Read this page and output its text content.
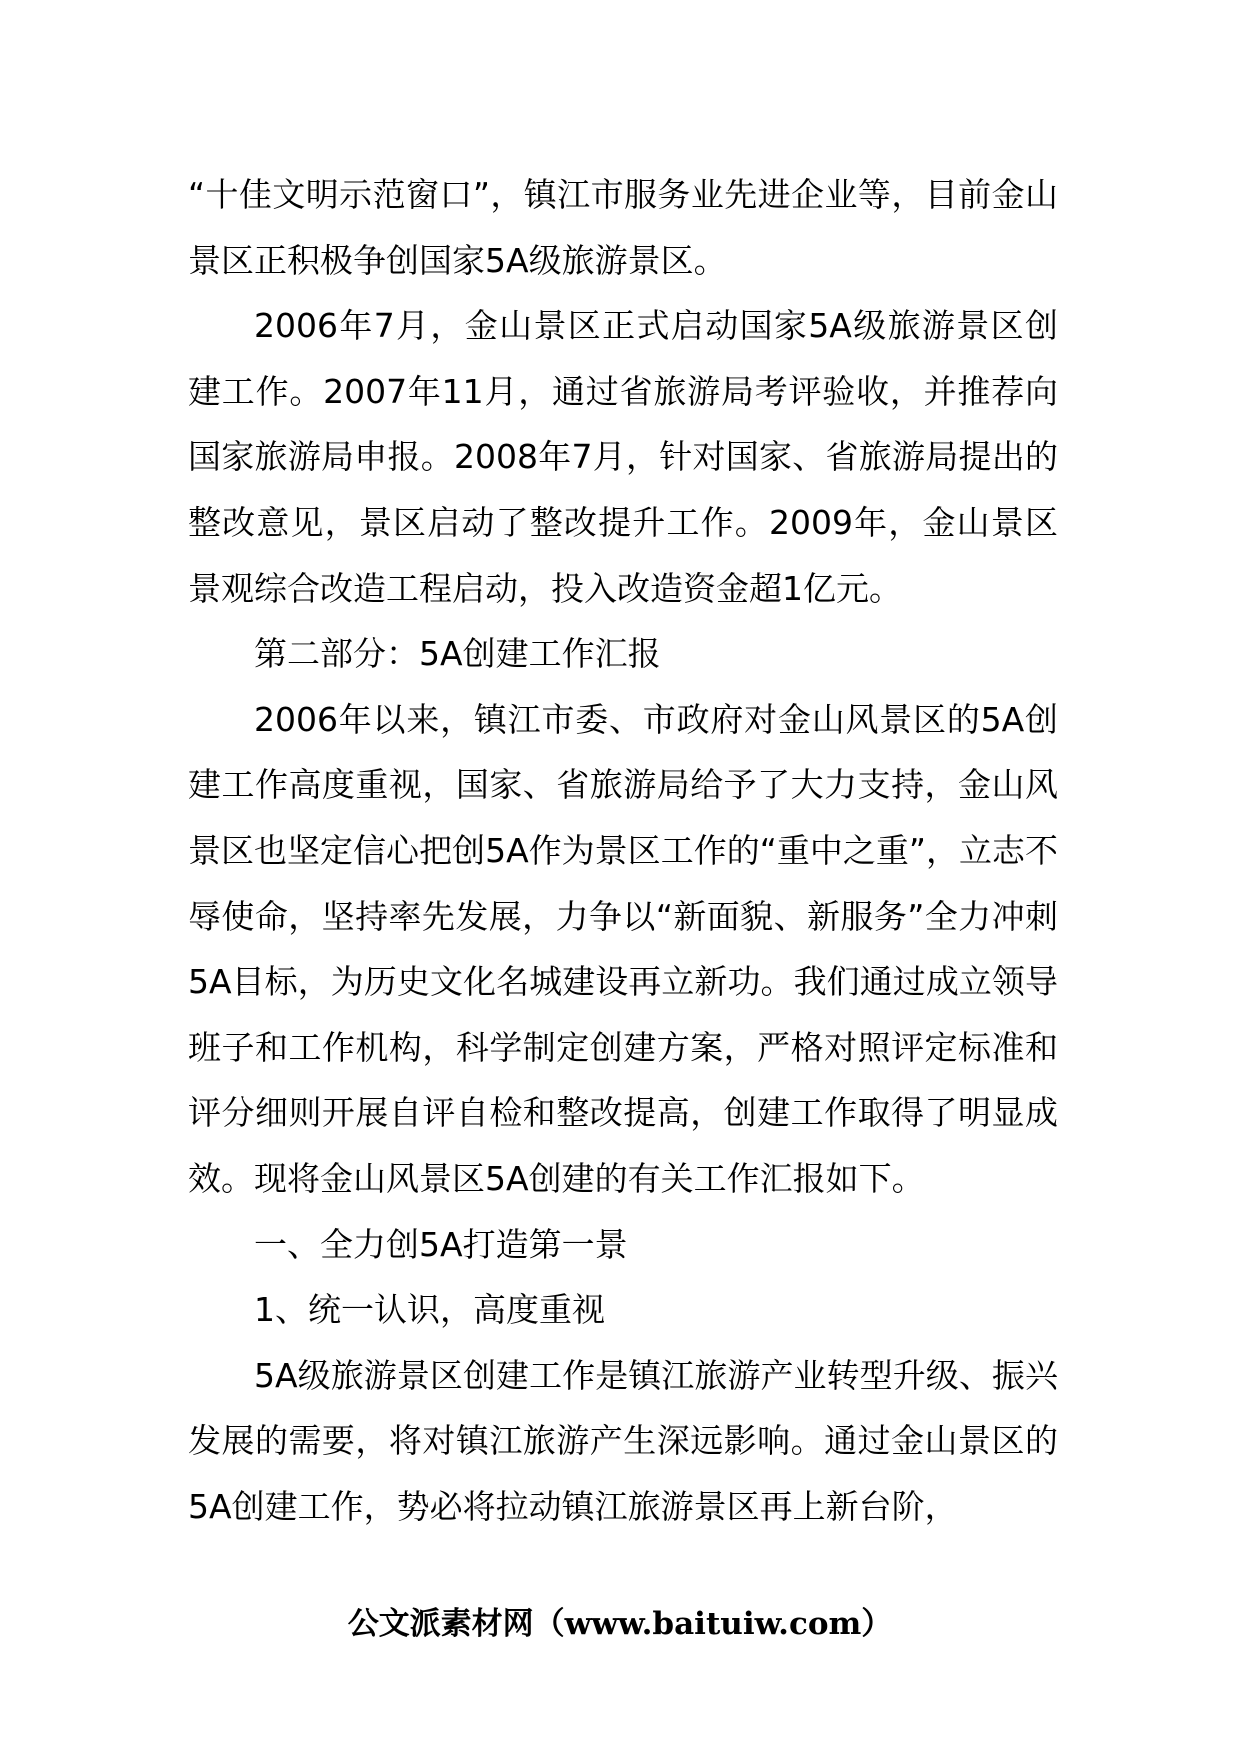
“十佳文明示范窗口”，镇江市服务业先进企业等，目前金山景区正积极争创国家5A级旅游景区。

2006年7月，金山景区正式启动国家5A级旅游景区创建工作。2007年11月，通过省旅游局考评验收，并推荐向国家旅游局申报。2008年7月，针对国家、省旅游局提出的整改意见，景区启动了整改提升工作。2009年，金山景区景观综合改造工程启动，投入改造资金超1亿元。

第二部分：5A创建工作汇报

2006年以来，镇江市委、市政府对金山风景区的5A创建工作高度重视，国家、省旅游局给予了大力支持，金山风景区也坚定信心把创5A作为景区工作的“重中之重”，立志不辱使命，坚持率先发展，力争以“新面貌、新服务”全力冲刺5A目标，为历史文化名城建设再立新功。我们通过成立领导班子和工作机构，科学制定创建方案，严格对照评定标准和评分细则开展自评自检和整改提高，创建工作取得了明显成效。现将金山风景区5A创建的有关工作汇报如下。

一、全力创5A打造第一景

1、统一认识，高度重视

5A级旅游景区创建工作是镇江旅游产业转型升级、振兴发展的需要，将对镇江旅游产生深远影响。通过金山景区的5A创建工作，势必将拉动镇江旅游景区再上新台阶，

公文派素材网（www.baituiw.com）
